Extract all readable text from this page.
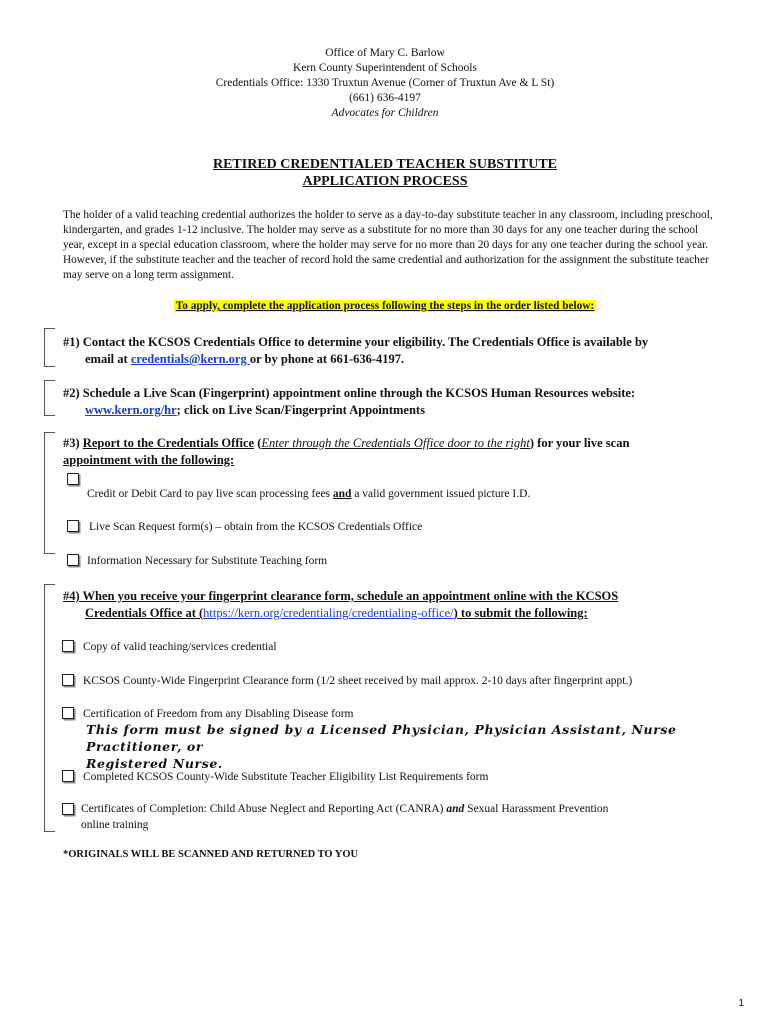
Office of Mary C. Barlow
Kern County Superintendent of Schools
Credentials Office: 1330 Truxtun Avenue (Corner of Truxtun Ave & L St)
(661) 636-4197
Advocates for Children
RETIRED CREDENTIALED TEACHER SUBSTITUTE
APPLICATION PROCESS
The holder of a valid teaching credential authorizes the holder to serve as a day-to-day substitute teacher in any classroom, including preschool, kindergarten, and grades 1-12 inclusive. The holder may serve as a substitute for no more than 30 days for any one teacher during the school year, except in a special education classroom, where the holder may serve for no more than 20 days for any one teacher during the school year. However, if the substitute teacher and the teacher of record hold the same credential and authorization for the assignment the substitute teacher may serve on a long term assignment.
To apply, complete the application process following the steps in the order listed below:
#1) Contact the KCSOS Credentials Office to determine your eligibility. The Credentials Office is available by
email at credentials@kern.org or by phone at 661-636-4197.
#2) Schedule a Live Scan (Fingerprint) appointment online through the KCSOS Human Resources website:
www.kern.org/hr; click on Live Scan/Fingerprint Appointments
#3) Report to the Credentials Office (Enter through the Credentials Office door to the right) for your live scan
appointment with the following:
Credit or Debit Card to pay live scan processing fees and a valid government issued picture I.D.
Live Scan Request form(s) – obtain from the KCSOS Credentials Office
Information Necessary for Substitute Teaching form
#4) When you receive your fingerprint clearance form, schedule an appointment online with the KCSOS
Credentials Office at (https://kern.org/credentialing/credentialing-office/) to submit the following:
Copy of valid teaching/services credential
KCSOS County-Wide Fingerprint Clearance form (1/2 sheet received by mail approx. 2-10 days after fingerprint appt.)
Certification of Freedom from any Disabling Disease form
This form must be signed by a Licensed Physician, Physician Assistant, Nurse Practitioner, or
Registered Nurse.
Completed KCSOS County-Wide Substitute Teacher Eligibility List Requirements form
Certificates of Completion: Child Abuse Neglect and Reporting Act (CANRA) and Sexual Harassment Prevention
online training
*ORIGINALS WILL BE SCANNED AND RETURNED TO YOU
1
